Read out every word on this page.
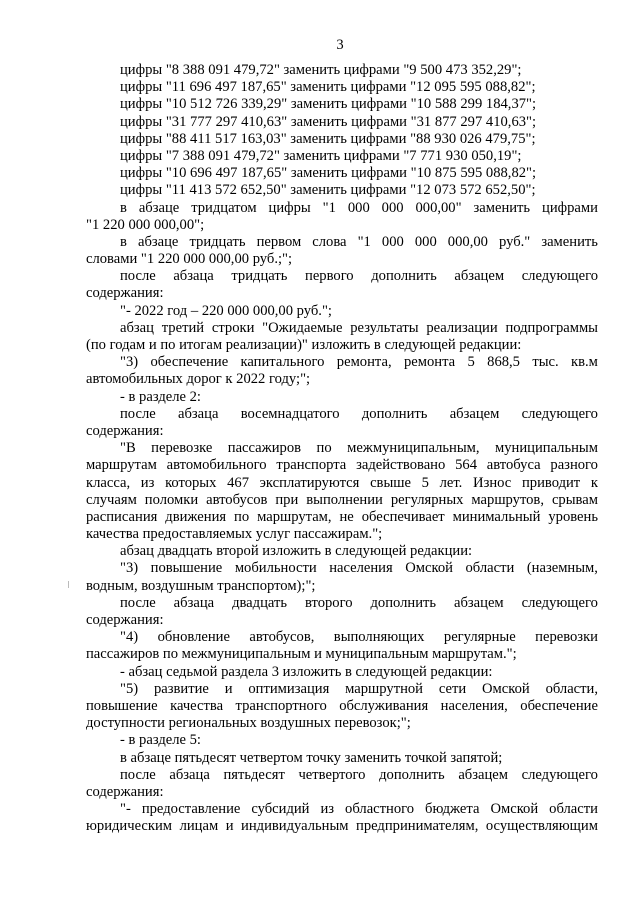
3
цифры "8 388 091 479,72" заменить цифрами "9 500 473 352,29";
цифры "11 696 497 187,65" заменить цифрами "12 095 595 088,82";
цифры "10 512 726 339,29" заменить цифрами "10 588 299 184,37";
цифры "31 777 297 410,63" заменить цифрами "31 877 297 410,63";
цифры "88 411 517 163,03" заменить цифрами "88 930 026 479,75";
цифры "7 388 091 479,72" заменить цифрами "7 771 930 050,19";
цифры "10 696 497 187,65" заменить цифрами "10 875 595 088,82";
цифры "11 413 572 652,50" заменить цифрами "12 073 572 652,50";
в абзаце тридцатом цифры "1 000 000 000,00" заменить цифрами
"1 220 000 000,00";
в абзаце тридцать первом слова "1 000 000 000,00 руб." заменить
словами "1 220 000 000,00 руб.;";
после абзаца тридцать первого дополнить абзацем следующего
содержания:
"- 2022 год – 220 000 000,00 руб.";
абзац третий строки "Ожидаемые результаты реализации подпрограммы
(по годам и по итогам реализации)" изложить в следующей редакции:
"3) обеспечение капитального ремонта, ремонта 5 868,5 тыс. кв.м
автомобильных дорог к 2022 году;";
- в разделе 2:
после абзаца восемнадцатого дополнить абзацем следующего
содержания:
"В перевозке пассажиров по межмуниципальным, муниципальным
маршрутам автомобильного транспорта задействовано 564 автобуса разного
класса, из которых 467 эксплатируются свыше 5 лет. Износ приводит к
случаям поломки автобусов при выполнении регулярных маршрутов, срывам
расписания движения по маршрутам, не обеспечивает минимальный уровень
качества предоставляемых услуг пассажирам.";
абзац двадцать второй изложить в следующей редакции:
"3) повышение мобильности населения Омской области (наземным,
водным, воздушным транспортом);";
после абзаца двадцать второго дополнить абзацем следующего
содержания:
"4) обновление автобусов, выполняющих регулярные перевозки
пассажиров по межмуниципальным и муниципальным маршрутам.";
- абзац седьмой раздела 3 изложить в следующей редакции:
"5) развитие и оптимизация маршрутной сети Омской области,
повышение качества транспортного обслуживания населения, обеспечение
доступности региональных воздушных перевозок;";
- в разделе 5:
в абзаце пятьдесят четвертом точку заменить точкой запятой;
после абзаца пятьдесят четвертого дополнить абзацем следующего
содержания:
"- предоставление субсидий из областного бюджета Омской области
юридическим лицам и индивидуальным предпринимателям, осуществляющим
